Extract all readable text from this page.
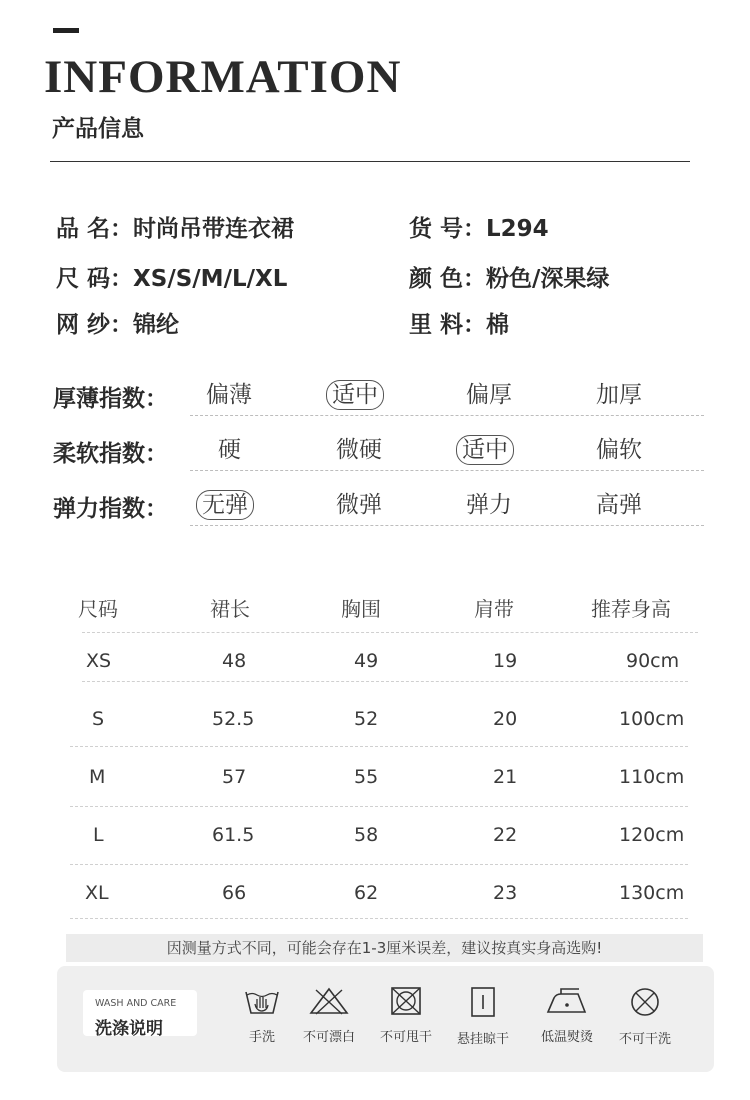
INFORMATION
产品信息
品 名：时尚吊带连衣裙	货 号：L294
尺 码：XS/S/M/L/XL	颜 色：粉色/深果绿
网 纱：锦纶	里 料：棉
厚薄指数： 偏薄	适中	偏厚	加厚
柔软指数： 硬	微硬	适中	偏软
弹力指数： 无弹	微弹	弹力	高弹
尺码	裙长	胸围	肩带	推荐身高
XS	48	49	19	90cm
S	52.5	52	20	100cm
M	57	55	21	110cm
L	61.5	58	22	120cm
XL	66	62	23	130cm
因测量方式不同，可能会存在1-3厘米误差，建议按真实身高选购!
WASH AND CARE
洗涤说明	手洗	不可漂白	不可甩干	悬挂晾干	低温熨烫	不可干洗
